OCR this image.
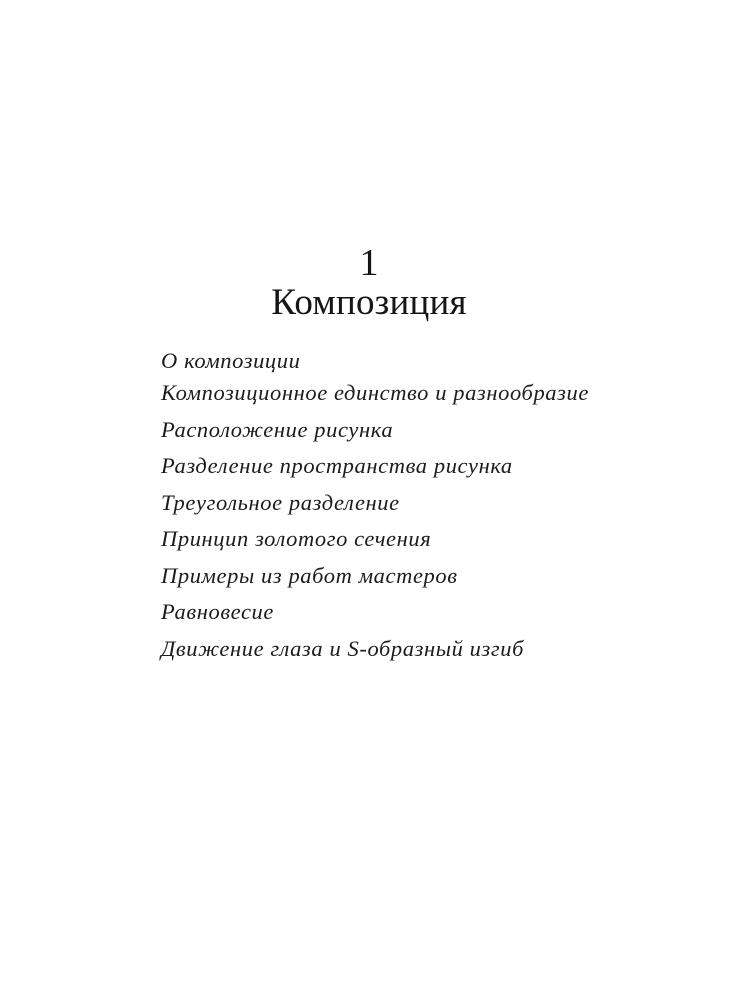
1
Композиция
О композиции
Композиционное единство и разнообразие
Расположение рисунка
Разделение пространства рисунка
Треугольное разделение
Принцип золотого сечения
Примеры из работ мастеров
Равновесие
Движение глаза и S-образный изгиб
